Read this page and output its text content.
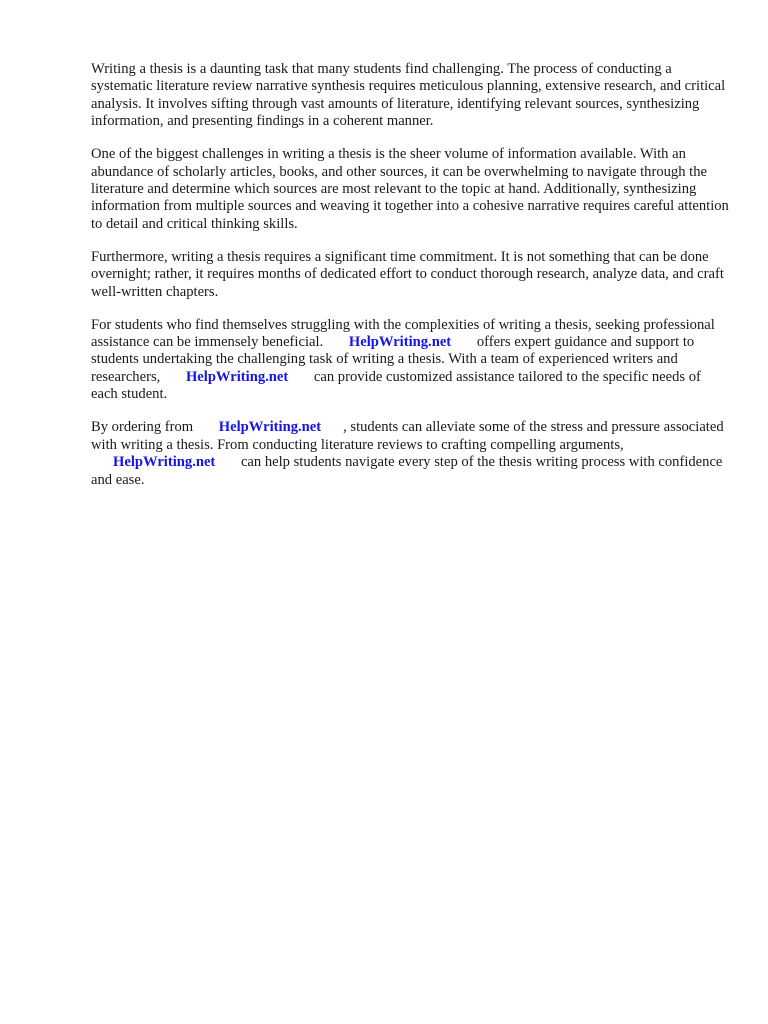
Writing a thesis is a daunting task that many students find challenging. The process of conducting a systematic literature review narrative synthesis requires meticulous planning, extensive research, and critical analysis. It involves sifting through vast amounts of literature, identifying relevant sources, synthesizing information, and presenting findings in a coherent manner.

One of the biggest challenges in writing a thesis is the sheer volume of information available. With an abundance of scholarly articles, books, and other sources, it can be overwhelming to navigate through the literature and determine which sources are most relevant to the topic at hand. Additionally, synthesizing information from multiple sources and weaving it together into a cohesive narrative requires careful attention to detail and critical thinking skills.

Furthermore, writing a thesis requires a significant time commitment. It is not something that can be done overnight; rather, it requires months of dedicated effort to conduct thorough research, analyze data, and craft well-written chapters.

For students who find themselves struggling with the complexities of writing a thesis, seeking professional assistance can be immensely beneficial. HelpWriting.net offers expert guidance and support to students undertaking the challenging task of writing a thesis. With a team of experienced writers and researchers, HelpWriting.net can provide customized assistance tailored to the specific needs of each student.

By ordering from HelpWriting.net , students can alleviate some of the stress and pressure associated with writing a thesis. From conducting literature reviews to crafting compelling arguments, HelpWriting.net can help students navigate every step of the thesis writing process with confidence and ease.
